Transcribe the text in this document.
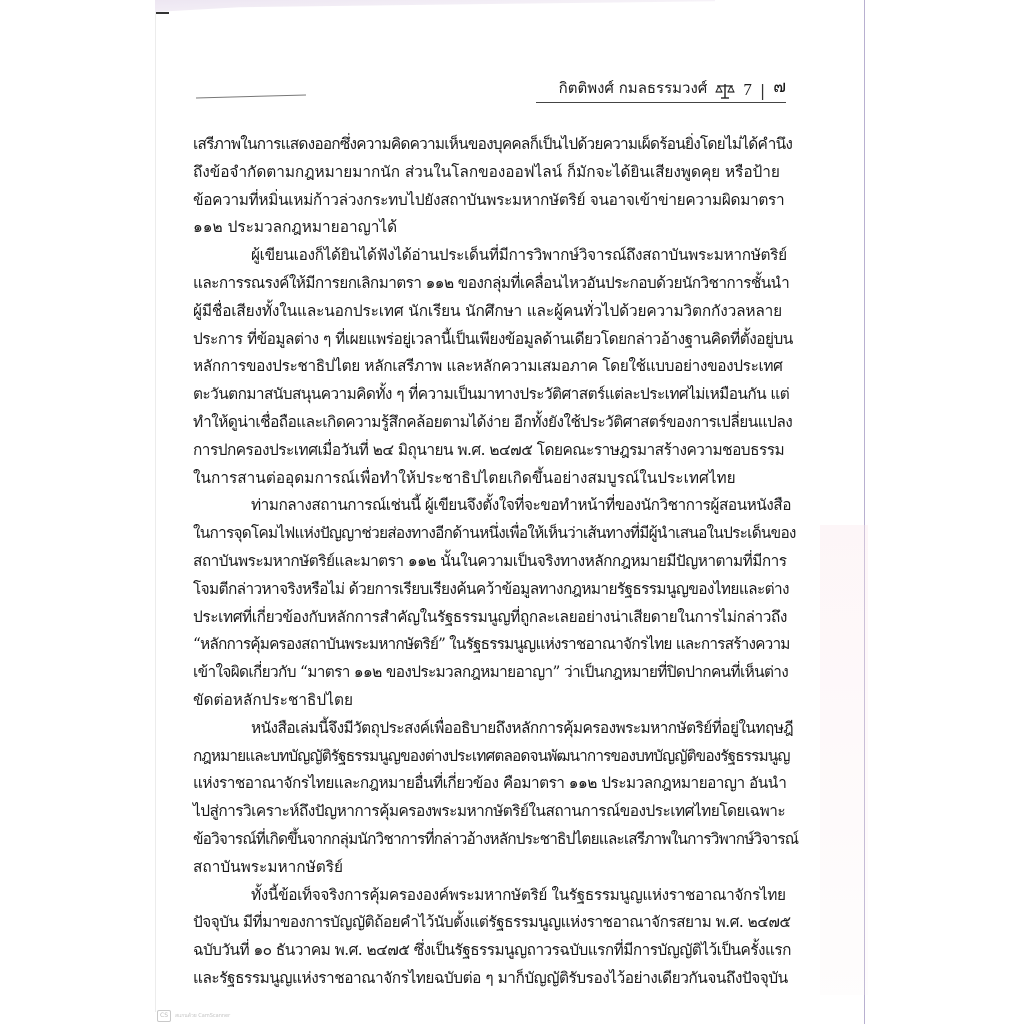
กิตติพงศ์ กมลธรรมวงศ์ 7 | ๗
เสรีภาพในการแสดงออกซึ่งความคิดความเห็นของบุคคลก็เป็นไปด้วยความเผ็ดร้อนยิ่งโดยไม่ได้คำนึง
ถึงข้อจำกัดตามกฎหมายมากนัก ส่วนในโลกของออฟไลน์ ก็มักจะได้ยินเสียงพูดคุย หรือป้าย
ข้อความที่หมิ่นเหม่ก้าวล่วงกระทบไปยังสถาบันพระมหากษัตริย์ จนอาจเข้าข่ายความผิดมาตรา
๑๑๒ ประมวลกฎหมายอาญาได้
ผู้เขียนเองก็ได้ยินได้ฟังได้อ่านประเด็นที่มีการวิพากษ์วิจารณ์ถึงสถาบันพระมหากษัตริย์
และการรณรงค์ให้มีการยกเลิกมาตรา ๑๑๒ ของกลุ่มที่เคลื่อนไหวอันประกอบด้วยนักวิชาการชั้นนำ
ผู้มีชื่อเสียงทั้งในและนอกประเทศ นักเรียน นักศึกษา และผู้คนทั่วไปด้วยความวิตกกังวลหลาย
ประการ ที่ข้อมูลต่าง ๆ ที่เผยแพร่อยู่เวลานี้เป็นเพียงข้อมูลด้านเดียวโดยกล่าวอ้างฐานคิดที่ตั้งอยู่บน
หลักการของประชาธิปไตย หลักเสรีภาพ และหลักความเสมอภาค โดยใช้แบบอย่างของประเทศ
ตะวันตกมาสนับสนุนความคิดทั้ง ๆ ที่ความเป็นมาทางประวัติศาสตร์แต่ละประเทศไม่เหมือนกัน แต่
ทำให้ดูน่าเชื่อถือและเกิดความรู้สึกคล้อยตามได้ง่าย อีกทั้งยังใช้ประวัติศาสตร์ของการเปลี่ยนแปลง
การปกครองประเทศเมื่อวันที่ ๒๔ มิถุนายน พ.ศ. ๒๔๗๕ โดยคณะราษฎรมาสร้างความชอบธรรม
ในการสานต่ออุดมการณ์เพื่อทำให้ประชาธิปไตยเกิดขึ้นอย่างสมบูรณ์ในประเทศไทย
ท่ามกลางสถานการณ์เช่นนี้ ผู้เขียนจึงตั้งใจที่จะขอทำหน้าที่ของนักวิชาการผู้สอนหนังสือ
ในการจุดโคมไฟแห่งปัญญาช่วยส่องทางอีกด้านหนึ่งเพื่อให้เห็นว่าเส้นทางที่มีผู้นำเสนอในประเด็นของ
สถาบันพระมหากษัตริย์และมาตรา ๑๑๒ นั้นในความเป็นจริงทางหลักกฎหมายมีปัญหาตามที่มีการ
โจมตีกล่าวหาจริงหรือไม่ ด้วยการเรียบเรียงค้นคว้าข้อมูลทางกฎหมายรัฐธรรมนูญของไทยและต่าง
ประเทศที่เกี่ยวข้องกับหลักการสำคัญในรัฐธรรมนูญที่ถูกละเลยอย่างน่าเสียดายในการไม่กล่าวถึง
“หลักการคุ้มครองสถาบันพระมหากษัตริย์” ในรัฐธรรมนูญแห่งราชอาณาจักรไทย และการสร้างความ
เข้าใจผิดเกี่ยวกับ “มาตรา ๑๑๒ ของประมวลกฎหมายอาญา” ว่าเป็นกฎหมายที่ปิดปากคนที่เห็นต่าง
ขัดต่อหลักประชาธิปไตย
หนังสือเล่มนี้จึงมีวัตถุประสงค์เพื่ออธิบายถึงหลักการคุ้มครองพระมหากษัตริย์ที่อยู่ในทฤษฎี
กฎหมายและบทบัญญัติรัฐธรรมนูญของต่างประเทศตลอดจนพัฒนาการของบทบัญญัติของรัฐธรรมนูญ
แห่งราชอาณาจักรไทยและกฎหมายอื่นที่เกี่ยวข้อง คือมาตรา ๑๑๒ ประมวลกฎหมายอาญา อันนำ
ไปสู่การวิเคราะห์ถึงปัญหาการคุ้มครองพระมหากษัตริย์ในสถานการณ์ของประเทศไทยโดยเฉพาะ
ข้อวิจารณ์ที่เกิดขึ้นจากกลุ่มนักวิชาการที่กล่าวอ้างหลักประชาธิปไตยและเสรีภาพในการวิพากษ์วิจารณ์
สถาบันพระมหากษัตริย์
ทั้งนี้ข้อเท็จจริงการคุ้มครององค์พระมหากษัตริย์ ในรัฐธรรมนูญแห่งราชอาณาจักรไทย
ปัจจุบัน มีที่มาของการบัญญัติถ้อยคำไว้นับตั้งแต่รัฐธรรมนูญแห่งราชอาณาจักรสยาม พ.ศ. ๒๔๗๕
ฉบับวันที่ ๑๐ ธันวาคม พ.ศ. ๒๔๗๕ ซึ่งเป็นรัฐธรรมนูญถาวรฉบับแรกที่มีการบัญญัติไว้เป็นครั้งแรก
และรัฐธรรมนูญแห่งราชอาณาจักรไทยฉบับต่อ ๆ มาก็บัญญัติรับรองไว้อย่างเดียวกันจนถึงปัจจุบัน
CS	สแกนด้วย CamScanner
